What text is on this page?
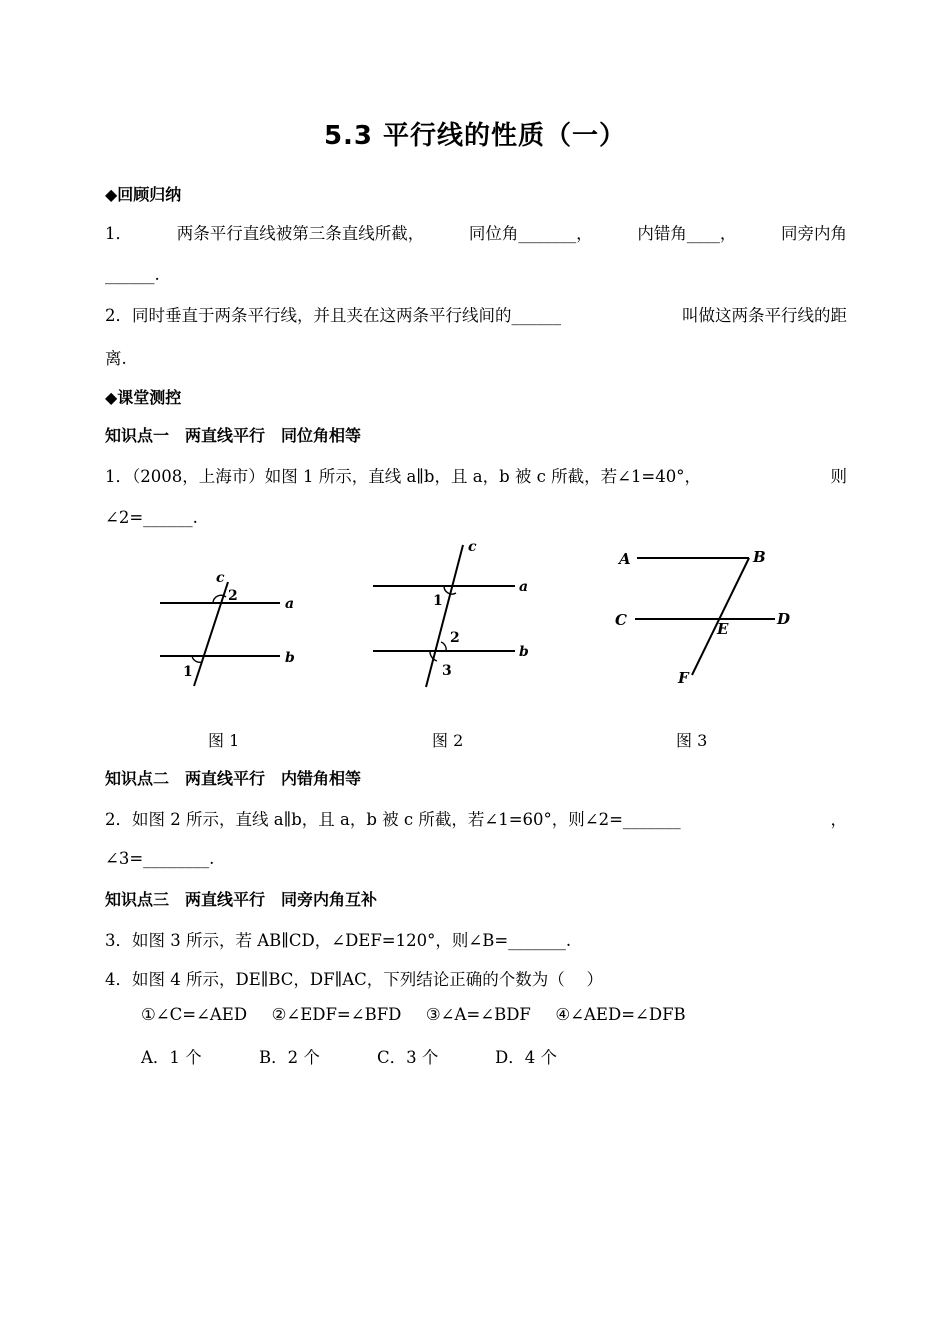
5.3 平行线的性质（一）
◆回顾归纳
1．	两条平行直线被第三条直线所截，	同位角_______，	内错角____，	同旁内角
______.
2．同时垂直于两条平行线，并且夹在这两条平行线间的______	叫做这两条平行线的距
离.
◆课堂测控
知识点一　两直线平行　同位角相等
1．（2008，上海市）如图 1 所示，直线 a∥b，且 a，b 被 c 所截，若∠1=40°，	则
∠2=______.
c
2	a
b
1
图 1
c
a
b
1
2
3
图 2
A	B
C	D
E
F
图 3
知识点二　两直线平行　内错角相等
2．如图 2 所示，直线 a∥b，且 a，b 被 c 所截，若∠1=60°，则∠2=_______	，
∠3=________.
知识点三　两直线平行　同旁内角互补
3．如图 3 所示，若 AB∥CD，∠DEF=120°，则∠B=_______.
4．如图 4 所示，DE∥BC，DF∥AC，下列结论正确的个数为（　 ）
①∠C=∠AED ②∠EDF=∠BFD ③∠A=∠BDF ④∠AED=∠DFB
A．1 个	B．2 个	C．3 个	D．4 个
